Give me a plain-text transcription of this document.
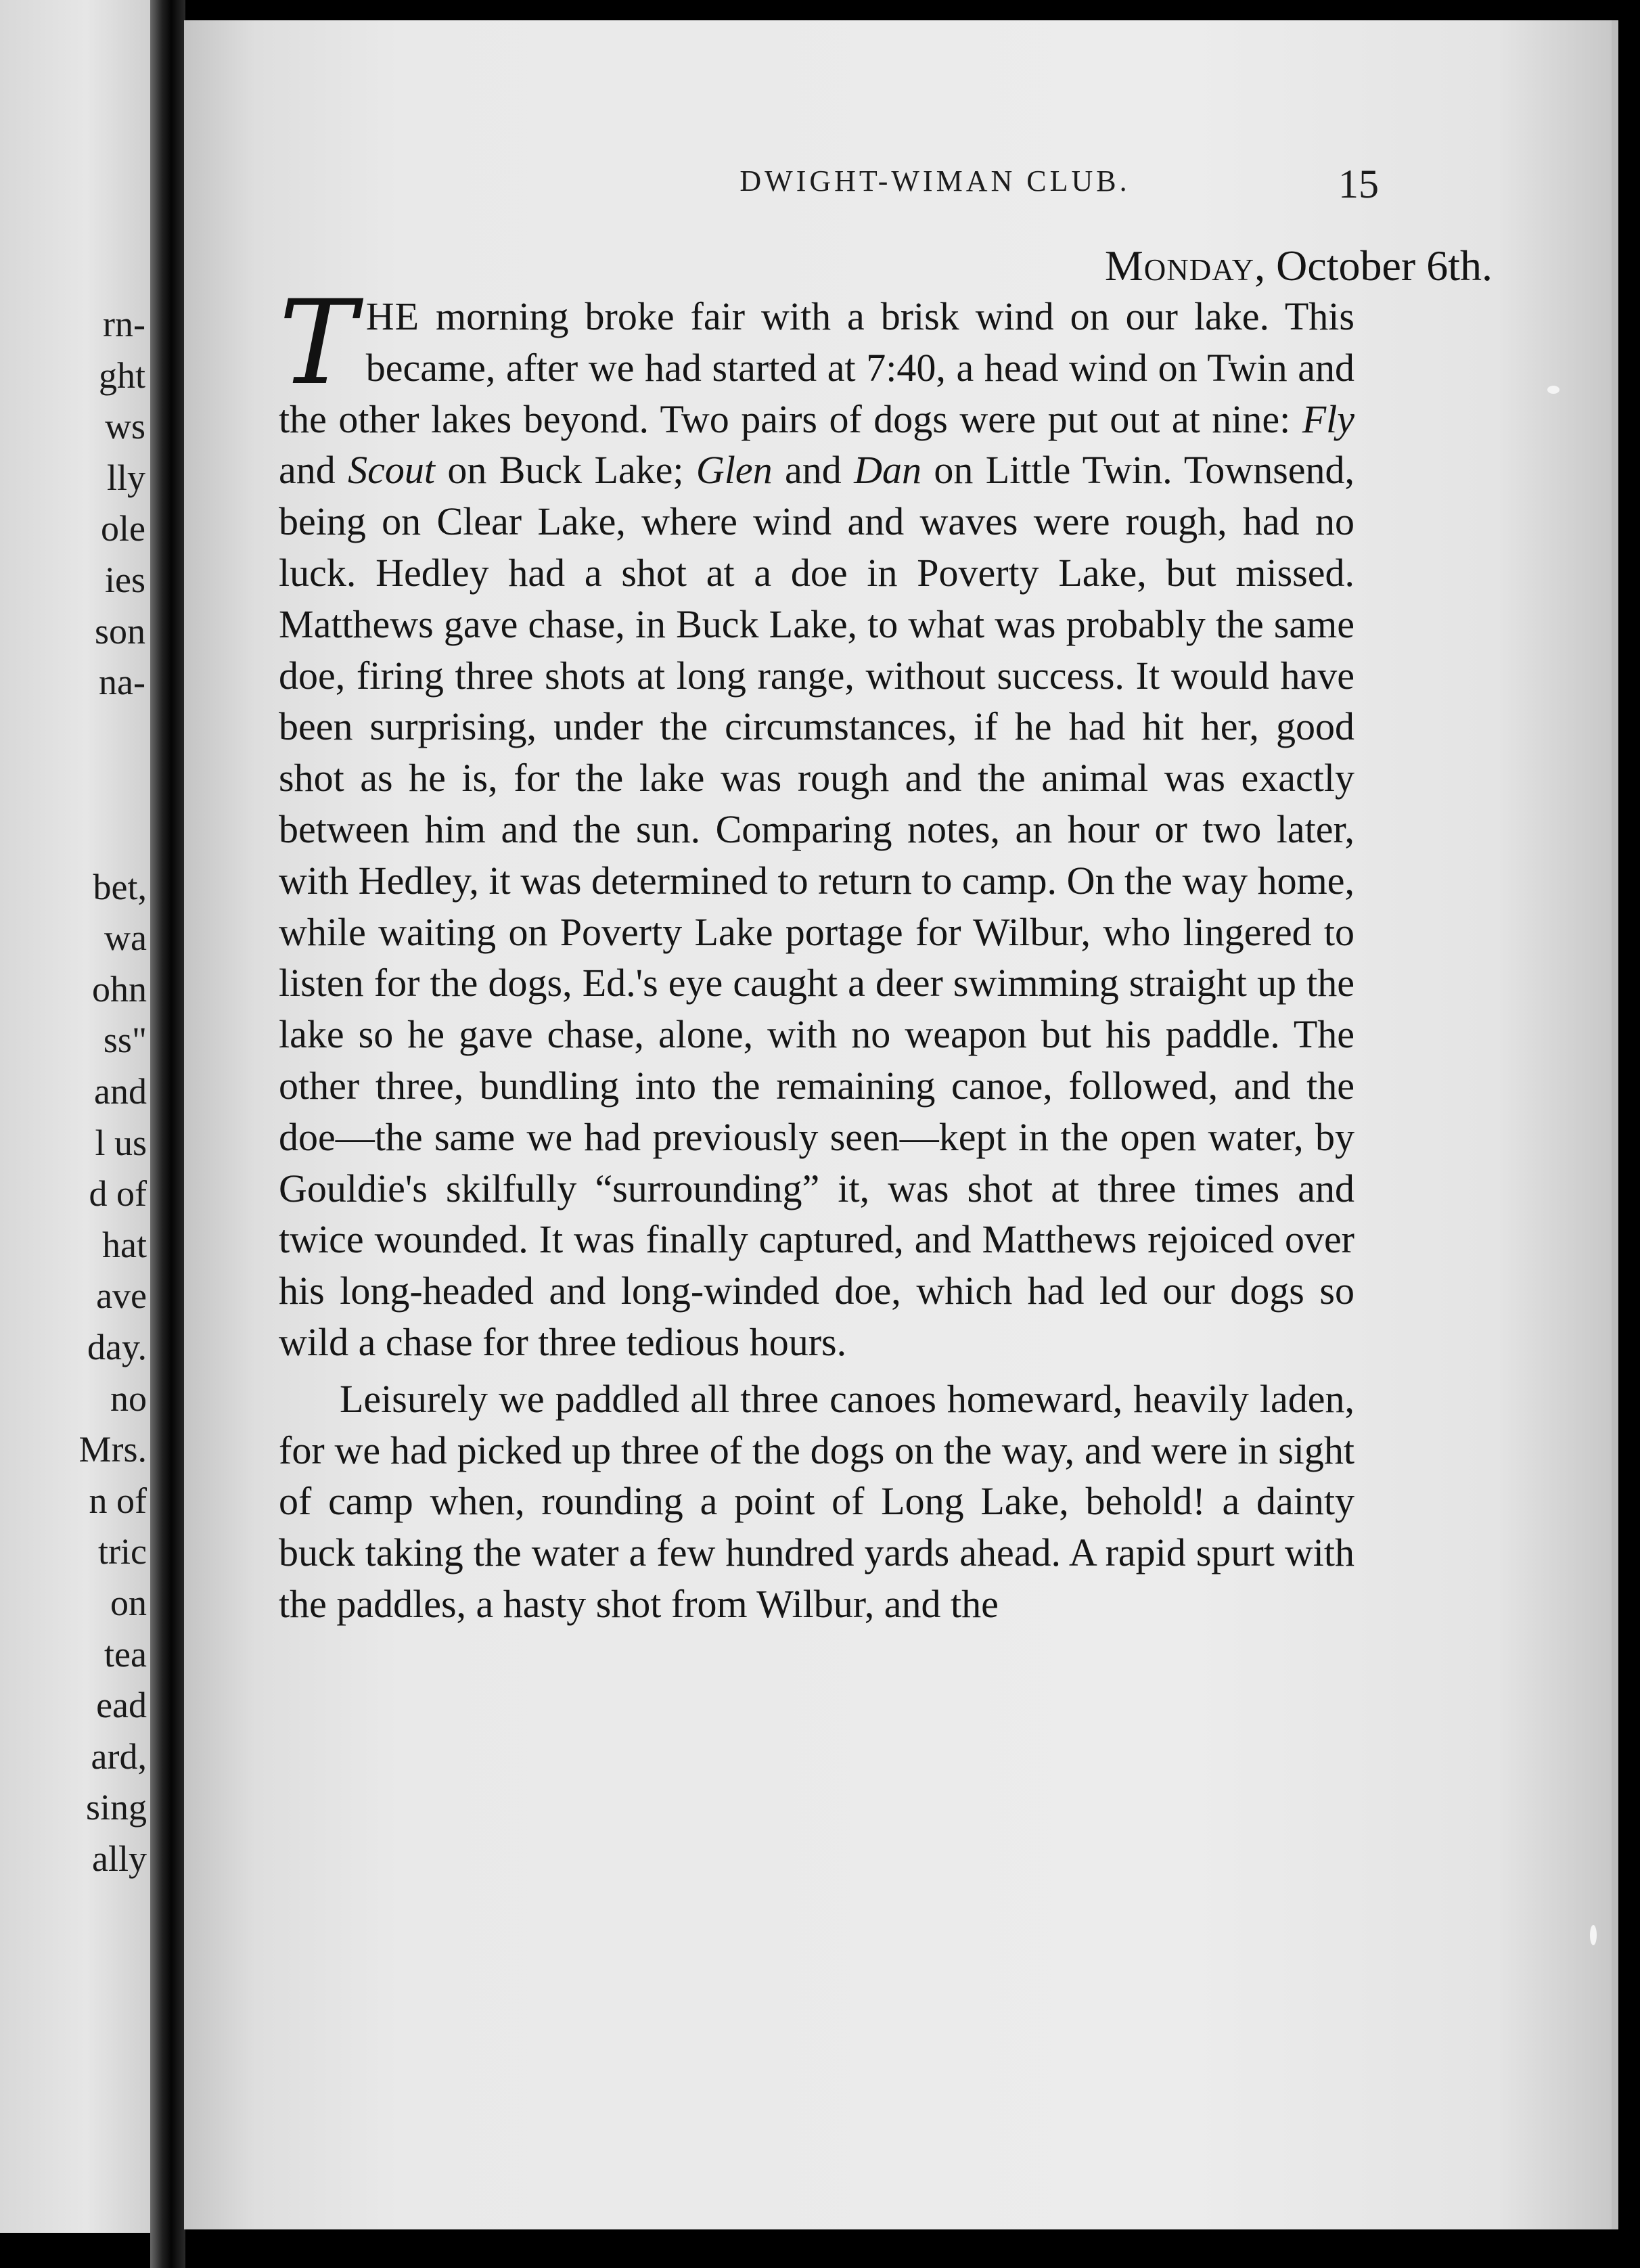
rn-
ght
ws
lly
ole
ies
son
na-
bet,
wa
ohn
ss"
and
l us
d of
hat
ave
day.
no
Mrs.
n of
tric
on
tea
ead
ard,
sing
ally
DWIGHT-WIMAN CLUB.	15
Monday, October 6th.

THE morning broke fair with a brisk wind on our lake. This became, after we had started at 7:40, a head wind on Twin and the other lakes beyond. Two pairs of dogs were put out at nine: Fly and Scout on Buck Lake; Glen and Dan on Little Twin. Townsend, being on Clear Lake, where wind and waves were rough, had no luck. Hedley had a shot at a doe in Poverty Lake, but missed. Matthews gave chase, in Buck Lake, to what was probably the same doe, firing three shots at long range, without success. It would have been surprising, under the circumstances, if he had hit her, good shot as he is, for the lake was rough and the animal was exactly between him and the sun. Comparing notes, an hour or two later, with Hedley, it was determined to return to camp. On the way home, while waiting on Poverty Lake portage for Wilbur, who lingered to listen for the dogs, Ed.'s eye caught a deer swimming straight up the lake so he gave chase, alone, with no weapon but his paddle. The other three, bundling into the remaining canoe, followed, and the doe—the same we had previously seen—kept in the open water, by Gouldie's skilfully “surrounding” it, was shot at three times and twice wounded. It was finally captured, and Matthews rejoiced over his long-headed and long-winded doe, which had led our dogs so wild a chase for three tedious hours.

Leisurely we paddled all three canoes homeward, heavily laden, for we had picked up three of the dogs on the way, and were in sight of camp when, rounding a point of Long Lake, behold! a dainty buck taking the water a few hundred yards ahead. A rapid spurt with the paddles, a hasty shot from Wilbur, and the
